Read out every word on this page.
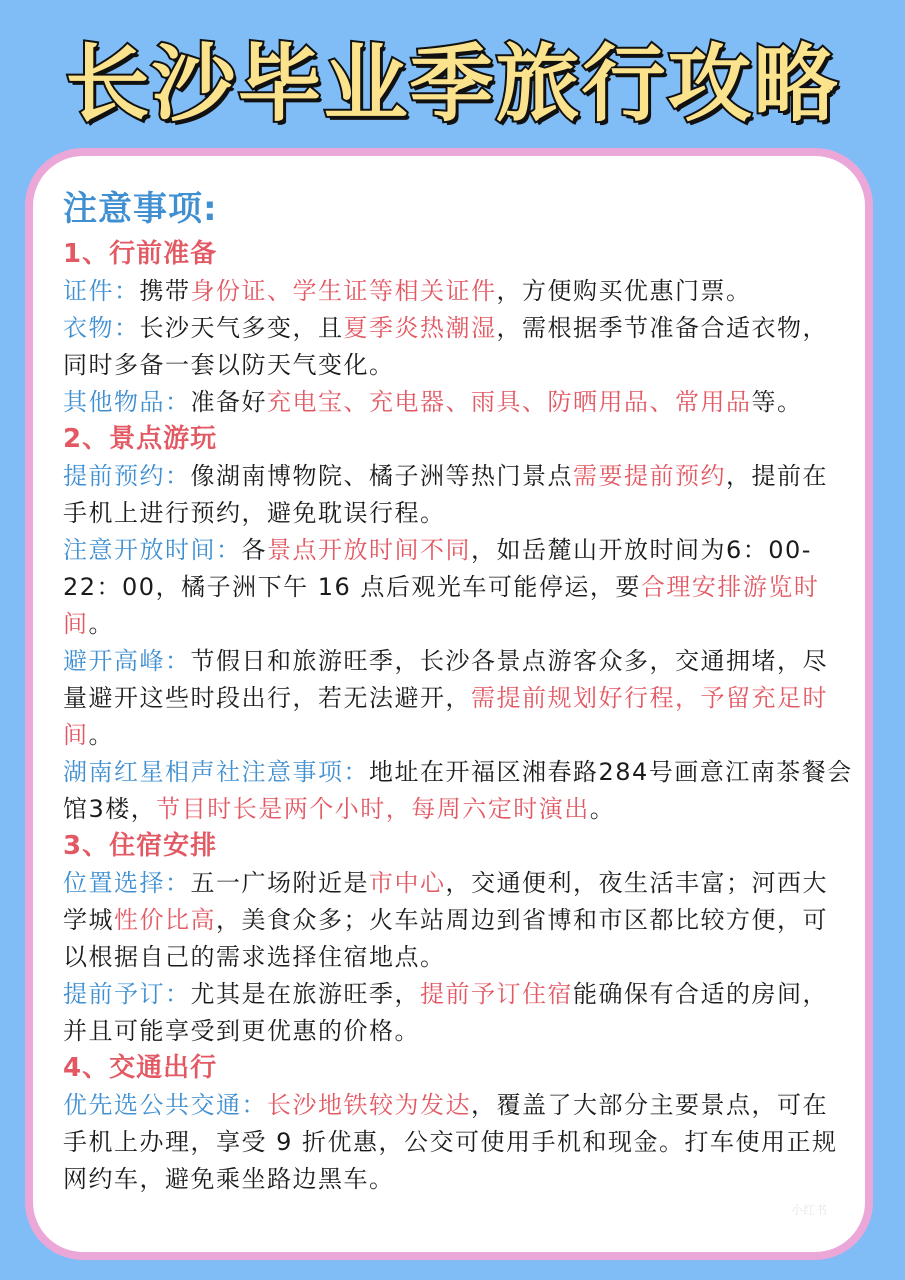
长沙毕业季旅行攻略
注意事项:
1、行前准备
证件：携带身份证、学生证等相关证件，方便购买优惠门票。
衣物：长沙天气多变，且夏季炎热潮湿，需根据季节准备合适衣物，同时多备一套以防天气变化。
其他物品：准备好充电宝、充电器、雨具、防晒用品、常用品等。
2、景点游玩
提前预约：像湖南博物院、橘子洲等热门景点需要提前预约，提前在手机上进行预约，避免耽误行程。
注意开放时间：各景点开放时间不同，如岳麓山开放时间为6：00-22：00，橘子洲下午 16 点后观光车可能停运，要合理安排游览时间。
避开高峰：节假日和旅游旺季，长沙各景点游客众多，交通拥堵，尽量避开这些时段出行，若无法避开，需提前规划好行程，予留充足时间。
湖南红星相声社注意事项：地址在开福区湘春路284号画意江南茶餐会馆3楼，节目时长是两个小时，每周六定时演出。
3、住宿安排
位置选择：五一广场附近是市中心，交通便利，夜生活丰富；河西大学城性价比高，美食众多；火车站周边到省博和市区都比较方便，可以根据自己的需求选择住宿地点。
提前予订：尤其是在旅游旺季，提前予订住宿能确保有合适的房间，并且可能享受到更优惠的价格。
4、交通出行
优先选公共交通：长沙地铁较为发达，覆盖了大部分主要景点，可在手机上办理，享受 9 折优惠，公交可使用手机和现金。打车使用正规网约车，避免乘坐路边黑车。
小红书
